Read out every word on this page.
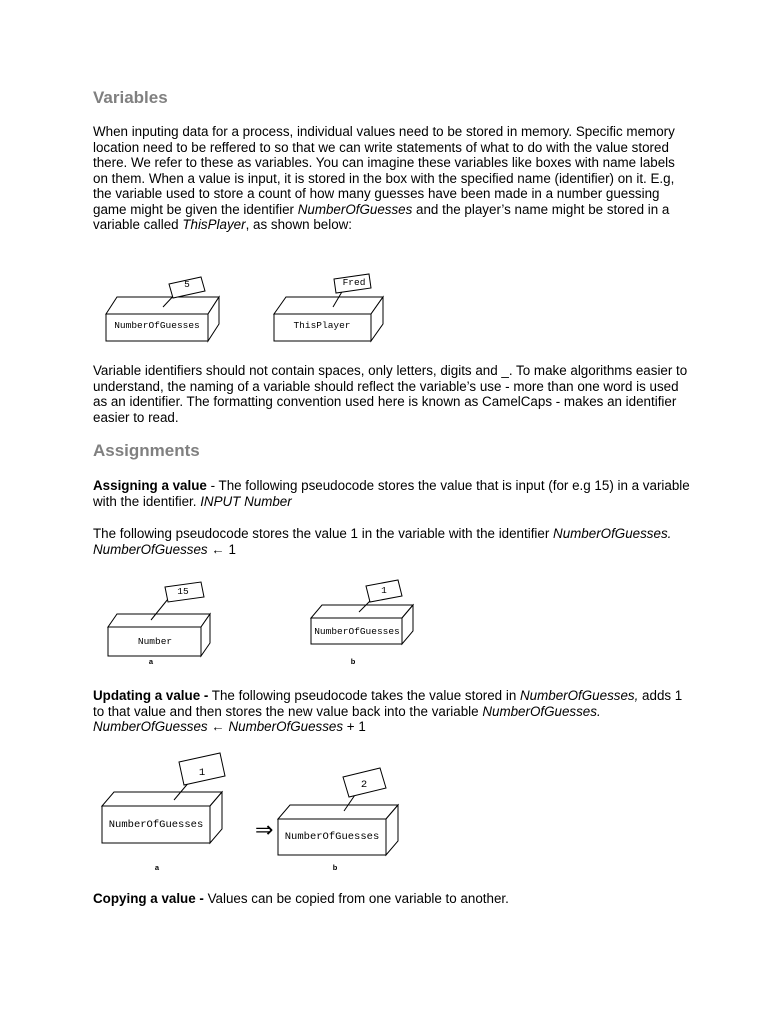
Variables

When inputing data for a process, individual values need to be stored in memory. Specific memory location need to be reffered to so that we can write statements of what to do with the value stored there. We refer to these as variables. You can imagine these variables like boxes with name labels on them. When a value is input, it is stored in the box with the specified name (identifier) on it. E.g, the variable used to store a count of how many guesses have been made in a number guessing game might be given the identifier NumberOfGuesses and the player’s name might be stored in a variable called ThisPlayer, as shown below:

NumberOfGuesses
5
ThisPlayer
Fred
Number
15
a
NumberOfGuesses
1
b
NumberOfGuesses
1
a
⇒ NumberOfGuesses
2
b

Variable identifiers should not contain spaces, only letters, digits and _. To make algorithms easier to understand, the naming of a variable should reflect the variable’s use - more than one word is used as an identifier. The formatting convention used here is known as CamelCaps - makes an identifier easier to read.

Assignments

Assigning a value - The following pseudocode stores the value that is input (for e.g 15) in a variable with the identifier. INPUT Number

The following pseudocode stores the value 1 in the variable with the identifier NumberOfGuesses. NumberOfGuesses ← 1

Updating a value - The following pseudocode takes the value stored in NumberOfGuesses, adds 1 to that value and then stores the new value back into the variable NumberOfGuesses. NumberOfGuesses ← NumberOfGuesses + 1

Copying a value - Values can be copied from one variable to another.
